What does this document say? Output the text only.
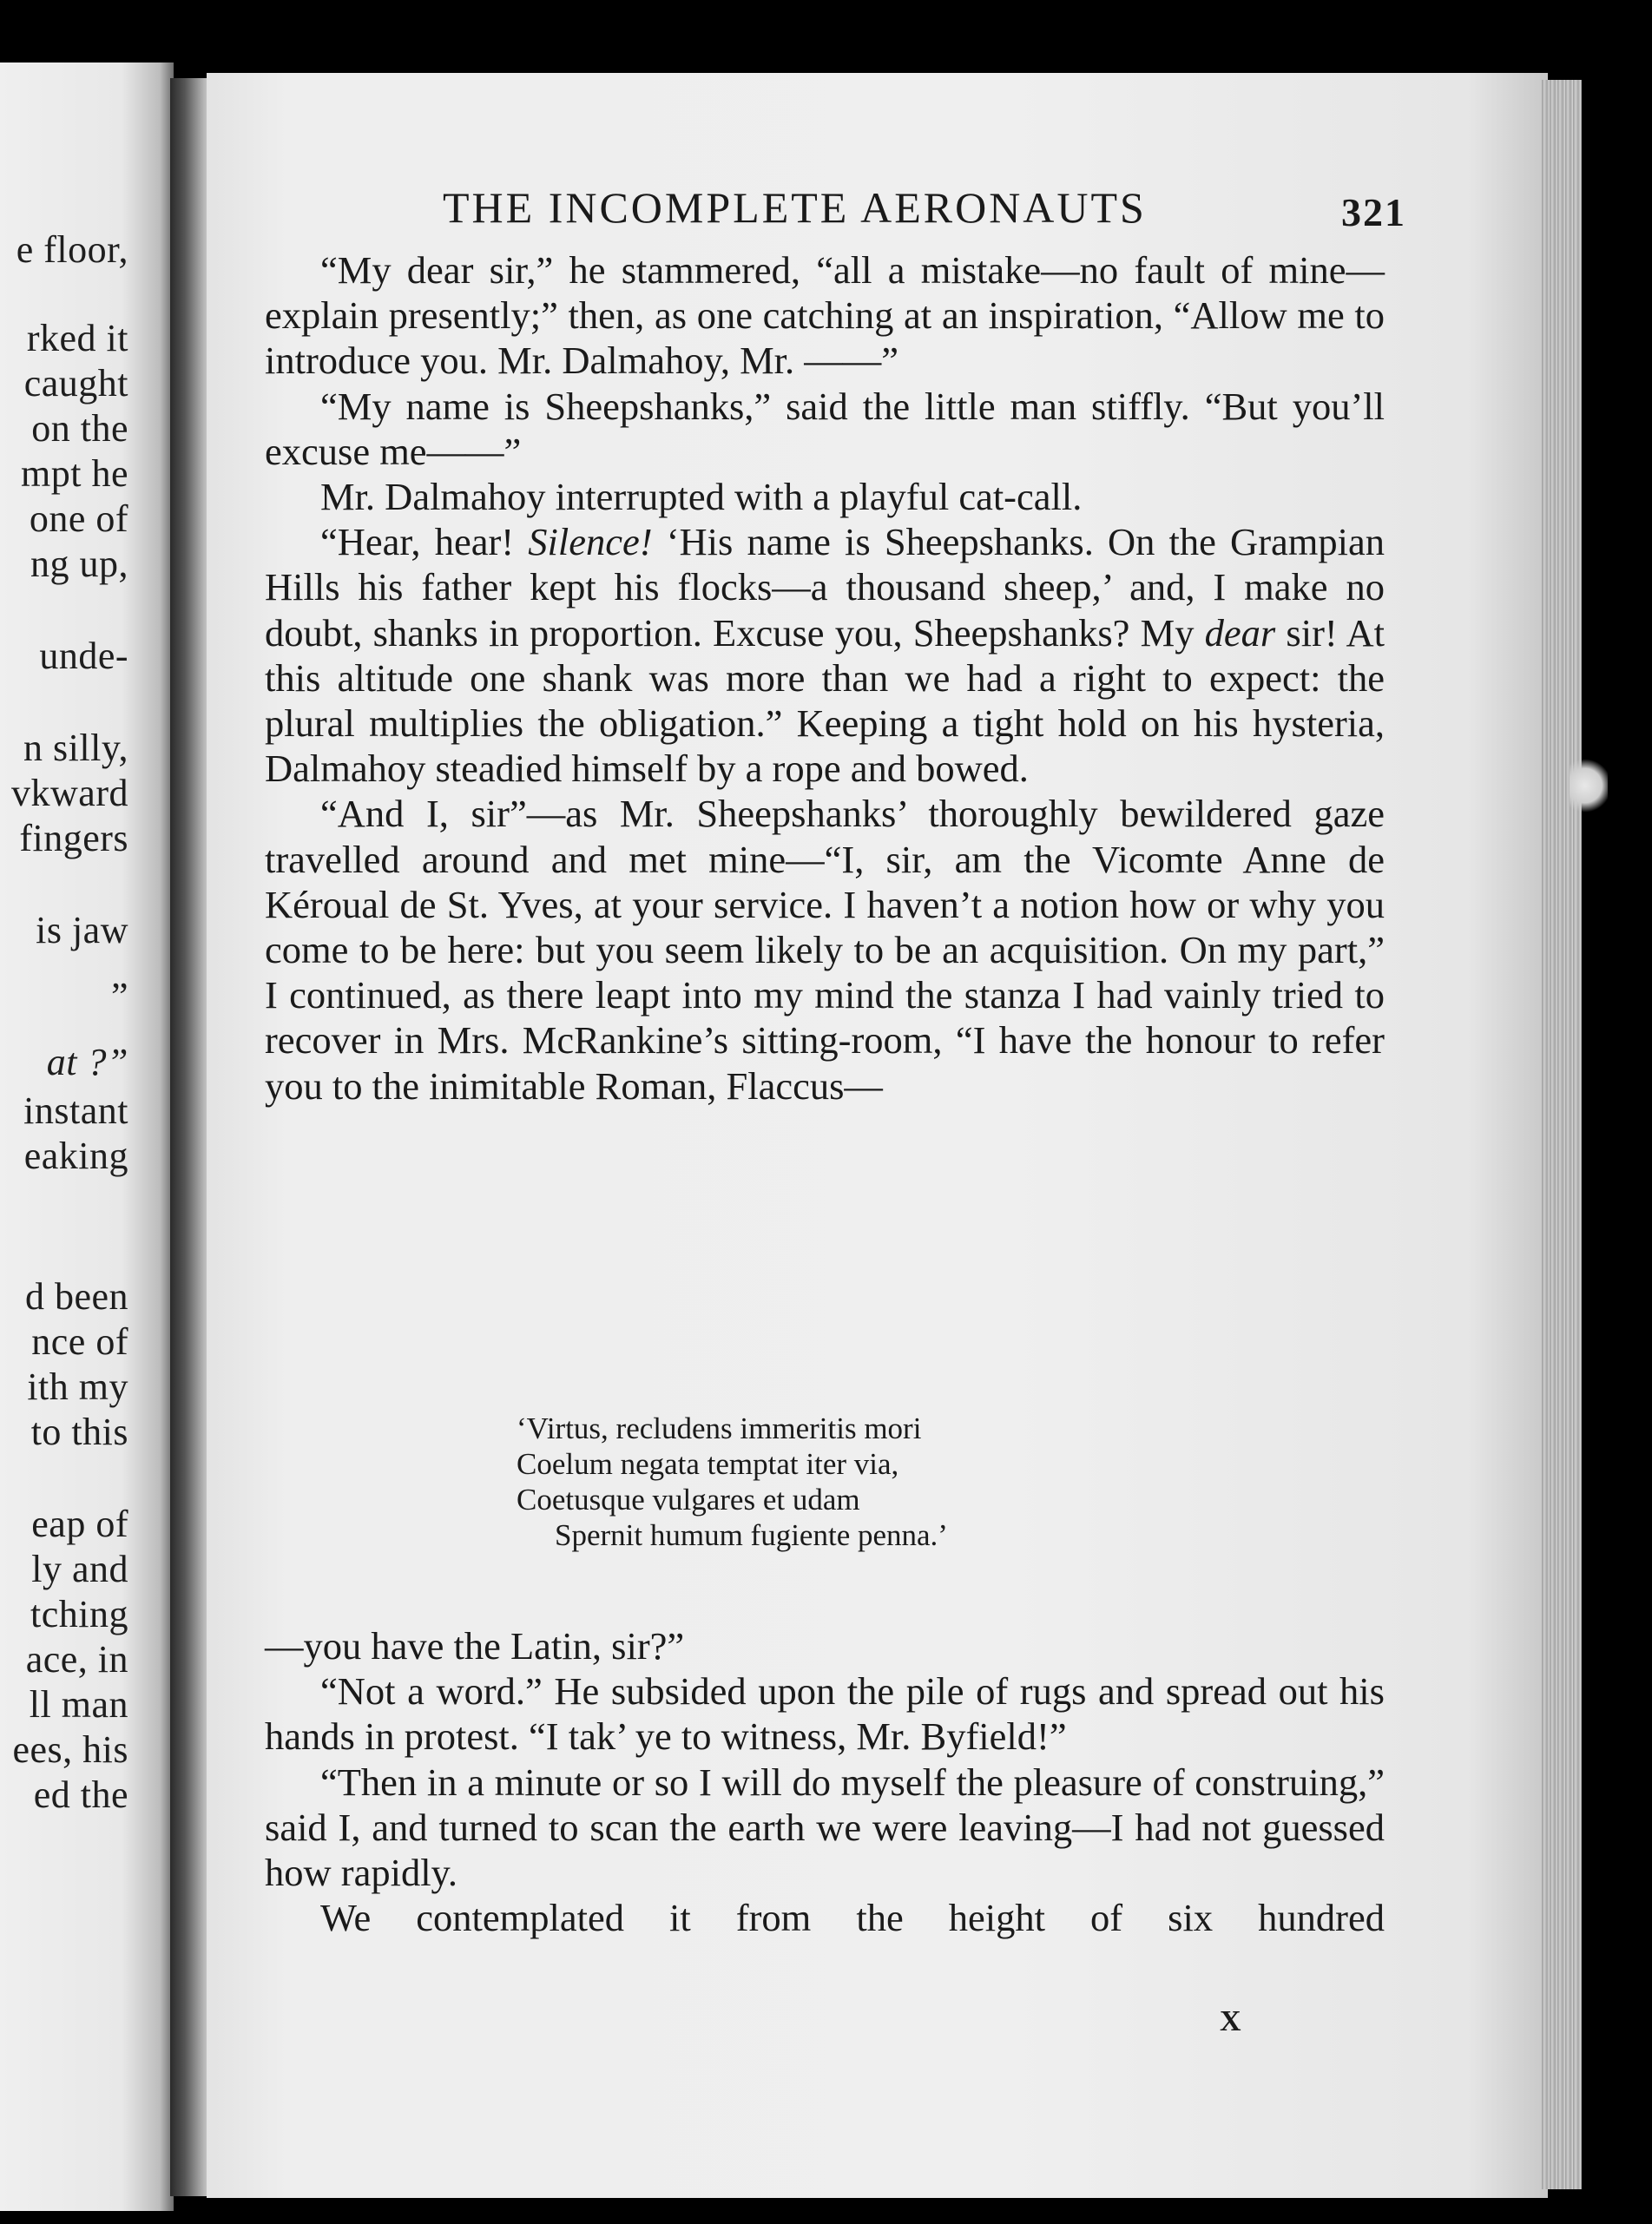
e floor,
rked it
caught
on the
mpt he
one of
ng up,
unde-
n silly,
vkward
fingers
is jaw
”
at ?”
instant
eaking
d been
nce of
ith my
to this
eap of
ly and
tching
ace, in
ll man
ees, his
ed the
THE INCOMPLETE AERONAUTS	321

“My dear sir,” he stammered, “all a mistake—no fault of mine—explain presently;” then, as one catching at an inspiration, “Allow me to introduce you. Mr. Dalmahoy, Mr. ——”

“My name is Sheepshanks,” said the little man stiffly. “But you’ll excuse me——”

Mr. Dalmahoy interrupted with a playful cat-call.

“Hear, hear! Silence! ‘His name is Sheepshanks. On the Grampian Hills his father kept his flocks—a thousand sheep,’ and, I make no doubt, shanks in proportion. Excuse you, Sheepshanks? My dear sir! At this altitude one shank was more than we had a right to expect: the plural multiplies the obligation.” Keeping a tight hold on his hysteria, Dalmahoy steadied himself by a rope and bowed.

“And I, sir”—as Mr. Sheepshanks’ thoroughly bewildered gaze travelled around and met mine—“I, sir, am the Vicomte Anne de Kéroual de St. Yves, at your service. I haven’t a notion how or why you come to be here: but you seem likely to be an acquisition. On my part,” I continued, as there leapt into my mind the stanza I had vainly tried to recover in Mrs. McRankine’s sitting-room, “I have the honour to refer you to the inimitable Roman, Flaccus—

‘Virtus, recludens immeritis mori
Coelum negata temptat iter via,
Coetusque vulgares et udam
Spernit humum fugiente penna.’

—you have the Latin, sir?”

“Not a word.” He subsided upon the pile of rugs and spread out his hands in protest. “I tak’ ye to witness, Mr. Byfield!”

“Then in a minute or so I will do myself the pleasure of construing,” said I, and turned to scan the earth we were leaving—I had not guessed how rapidly.

We contemplated it from the height of six hundred

X
